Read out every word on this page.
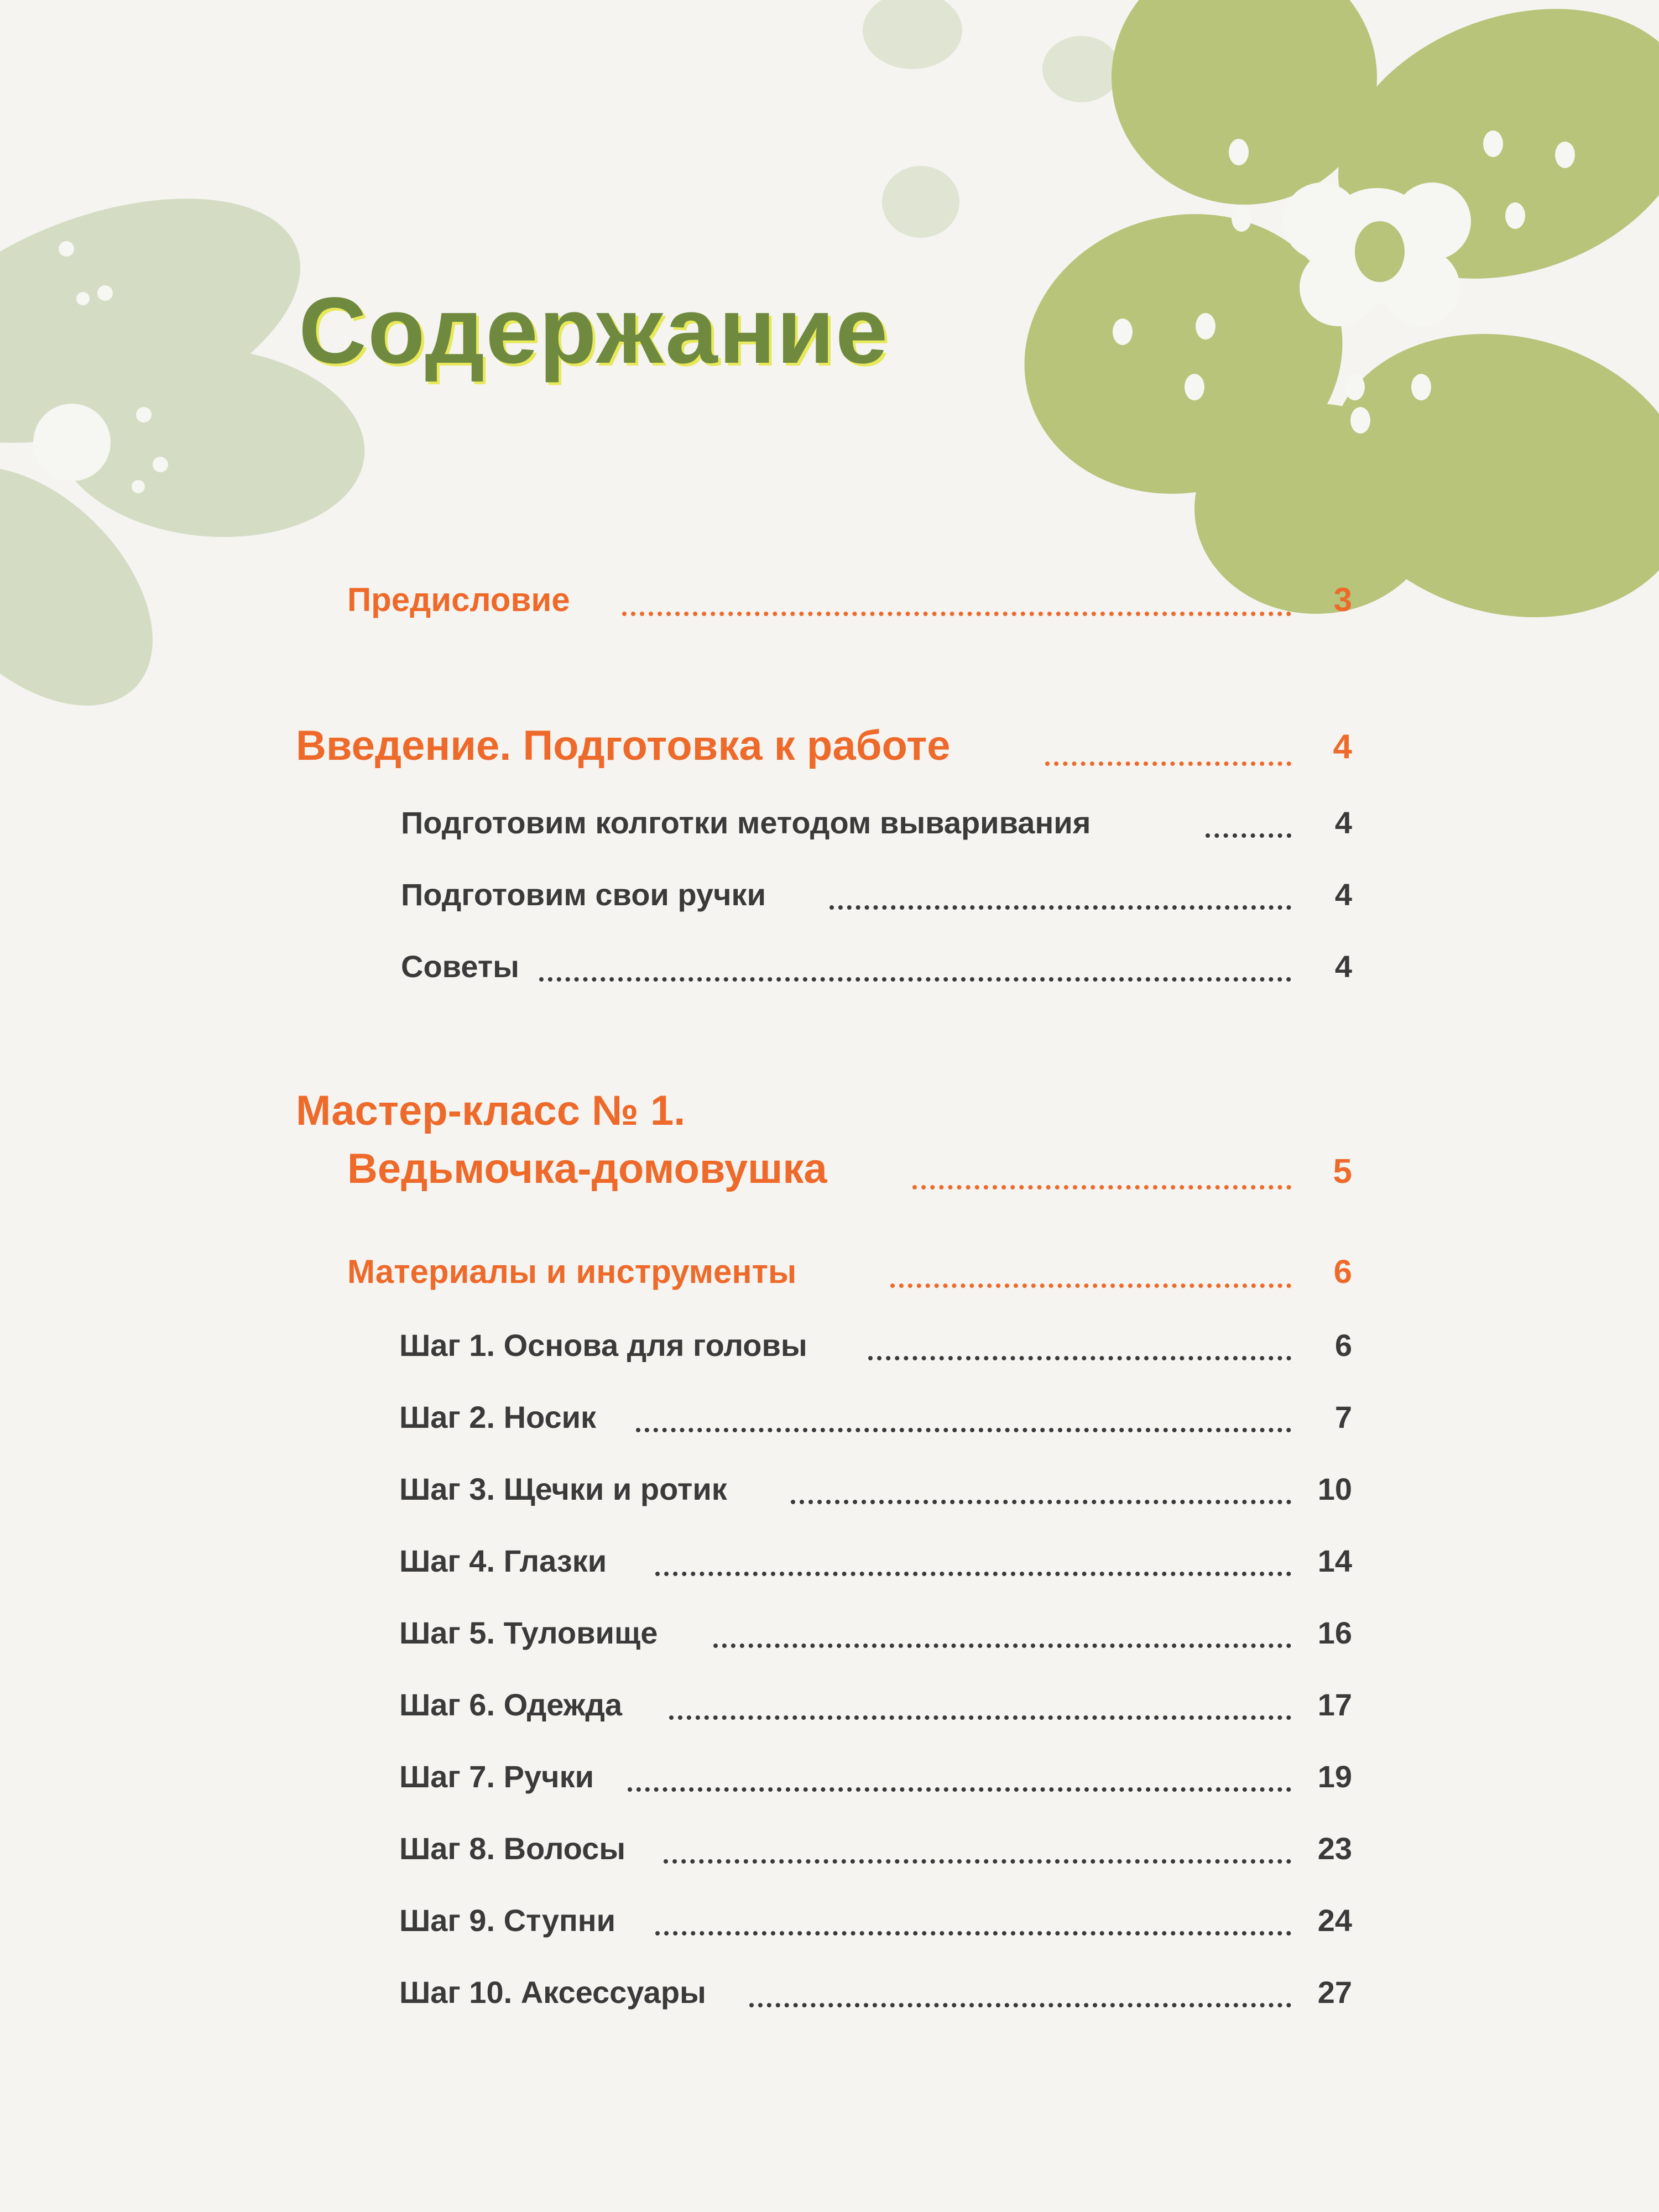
Содержание
Предисловие	3
Введение. Подготовка к работе	4
Подготовим колготки методом вываривания	4
Подготовим свои ручки	4
Советы	4
Мастер-класс № 1.
Ведьмочка-домовушка	5
Материалы и инструменты	6
Шаг 1. Основа для головы	6
Шаг 2. Носик	7
Шаг 3. Щечки и ротик	10
Шаг 4. Глазки	14
Шаг 5. Туловище	16
Шаг 6. Одежда	17
Шаг 7. Ручки	19
Шаг 8. Волосы	23
Шаг 9. Ступни	24
Шаг 10. Аксессуары	27
